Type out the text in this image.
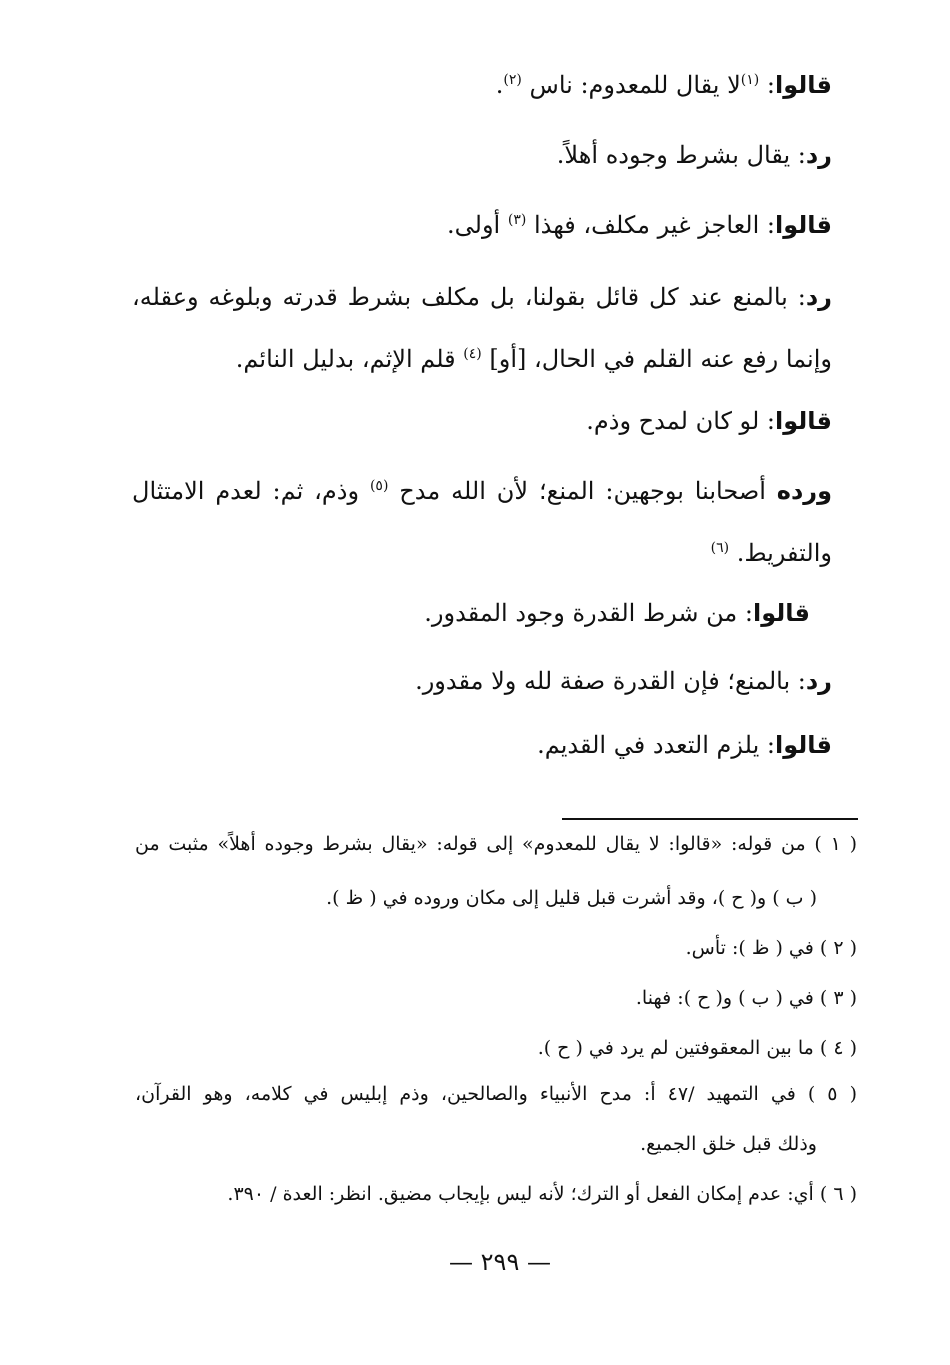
قالوا: $^{(١)}$لا يقال للمعدوم: ناس $^{(٢)}$.
رد: يقال بشرط وجوده أهلاً.
قالوا: العاجز غير مكلف، فهذا $^{(٣)}$ أولى.
رد: بالمنع عند كل قائل بقولنا، بل مكلف بشرط قدرته وبلوغه وعقله،
وإنما رفع عنه القلم في الحال، [أو] $^{(٤)}$ قلم الإثم، بدليل النائم.
قالوا: لو كان لمدح وذم.
ورده أصحابنا بوجهين: المنع؛ لأن الله مدح $^{(٥)}$ وذم، ثم: لعدم الامتثال
والتفريط. $^{(٦)}$
قالوا: من شرط القدرة وجود المقدور.
رد: بالمنع؛ فإن القدرة صفة لله ولا مقدور.
قالوا: يلزم التعدد في القديم.
( ١ ) من قوله: «قالوا: لا يقال للمعدوم» إلى قوله: «يقال بشرط وجوده أهلاً» مثبت من
( ب ) و( ح )، وقد أشرت قبل قليل إلى مكان وروده في ( ظ ).
( ٢ ) في ( ظ ): تأس.
( ٣ ) في ( ب ) و( ح ): فهنا.
( ٤ ) ما بين المعقوفتين لم يرد في ( ح ).
( ٥ ) في التمهيد /٤٧ أ: مدح الأنبياء والصالحين، وذم إبليس في كلامه، وهو القرآن،
وذلك قبل خلق الجميع.
( ٦ ) أي: عدم إمكان الفعل أو الترك؛ لأنه ليس بإيجاب مضيق. انظر: العدة / ٣٩٠.
— ٢٩٩ —
